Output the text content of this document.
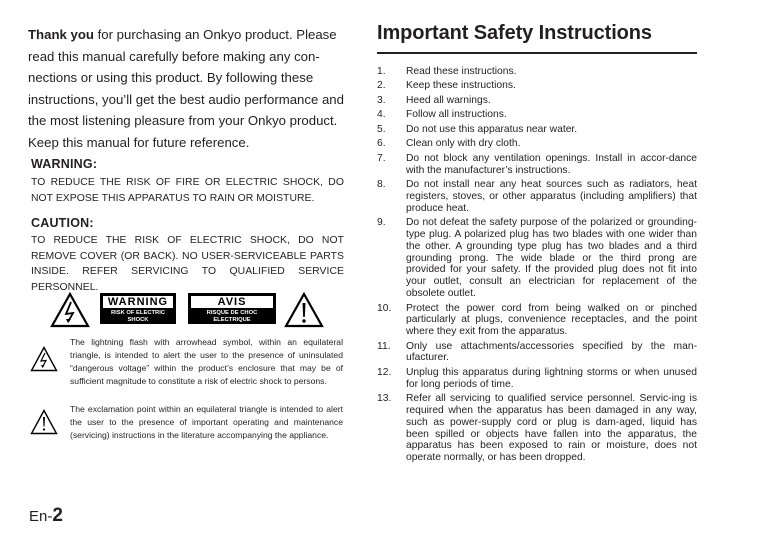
Thank you for purchasing an Onkyo product. Please read this manual carefully before making any con-nections or using this product. By following these instructions, you’ll get the best audio performance and the most listening pleasure from your Onkyo product. Keep this manual for future reference.
WARNING:
TO REDUCE THE RISK OF FIRE OR ELECTRIC SHOCK, DO NOT EXPOSE THIS APPARATUS TO RAIN OR MOISTURE.
CAUTION:
TO REDUCE THE RISK OF ELECTRIC SHOCK, DO NOT REMOVE COVER (OR BACK). NO USER-SERVICEABLE PARTS INSIDE. REFER SERVICING TO QUALIFIED SERVICE PERSONNEL.
WARNING
RISK OF ELECTRIC SHOCK
DO NOT OPEN
AVIS
RISQUE DE CHOC ELECTRIQUE
NE PAS OUVRIR
The lightning flash with arrowhead symbol, within an equilateral triangle, is intended to alert the user to the presence of uninsulated “dangerous voltage” within the product’s enclosure that may be of sufficient magnitude to constitute a risk of electric shock to persons.
The exclamation point within an equilateral triangle is intended to alert the user to the presence of important operating and maintenance (servicing) instructions in the literature accompanying the appliance.
Important Safety Instructions
1.	Read these instructions.
2.	Keep these instructions.
3.	Heed all warnings.
4.	Follow all instructions.
5.	Do not use this apparatus near water.
6.	Clean only with dry cloth.
7.	Do not block any ventilation openings. Install in accor-dance with the manufacturer’s instructions.
8.	Do not install near any heat sources such as radiators, heat registers, stoves, or other apparatus (including amplifiers) that produce heat.
9.	Do not defeat the safety purpose of the polarized or grounding-type plug. A polarized plug has two blades with one wider than the other. A grounding type plug has two blades and a third grounding prong. The wide blade or the third prong are provided for your safety. If the provided plug does not fit into your outlet, consult an electrician for replacement of the obsolete outlet.
10.	Protect the power cord from being walked on or pinched particularly at plugs, convenience receptacles, and the point where they exit from the apparatus.
11.	Only use attachments/accessories specified by the man-ufacturer.
12.	Unplug this apparatus during lightning storms or when unused for long periods of time.
13.	Refer all servicing to qualified service personnel. Servic-ing is required when the apparatus has been damaged in any way, such as power-supply cord or plug is dam-aged, liquid has been spilled or objects have fallen into the apparatus, the apparatus has been exposed to rain or moisture, does not operate normally, or has been dropped.
En-2
